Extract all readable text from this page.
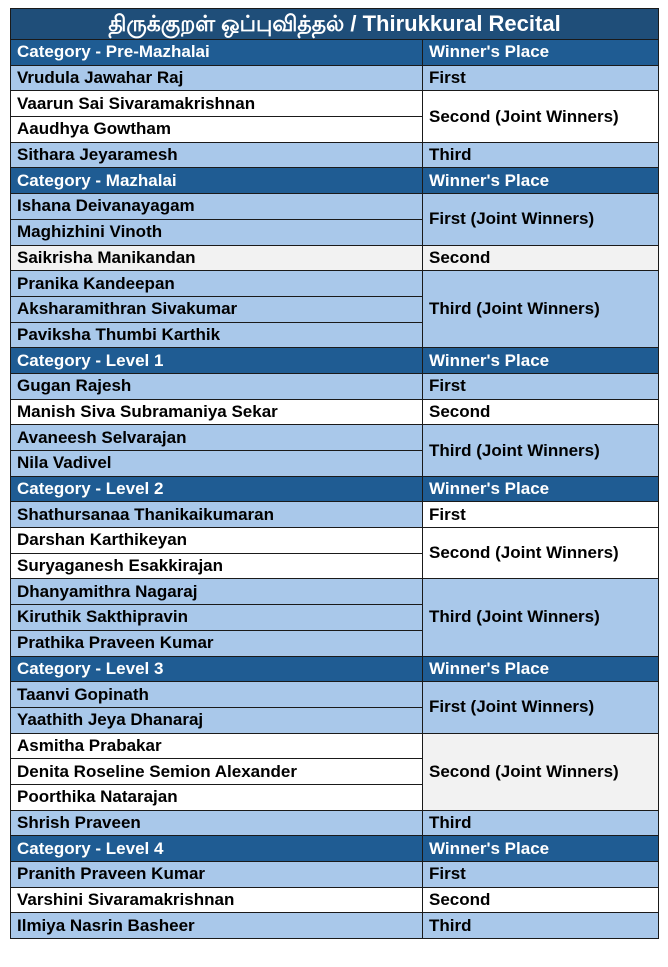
திருக்குறள் ஒப்புவித்தல் / Thirukkural Recital	
Category - Pre-Mazhalai	Winner's Place
Vrudula Jawahar Raj	First
Vaarun Sai Sivaramakrishnan	Second (Joint Winners)
Aaudhya Gowtham	
Sithara Jeyaramesh	Third
Category - Mazhalai	Winner's Place
Ishana Deivanayagam	First (Joint Winners)
Maghizhini Vinoth	
Saikrisha Manikandan	Second
Pranika Kandeepan	Third (Joint Winners)
Aksharamithran Sivakumar	
Paviksha Thumbi Karthik	
Category - Level 1	Winner's Place
Gugan Rajesh	First
Manish Siva Subramaniya Sekar	Second
Avaneesh Selvarajan	Third (Joint Winners)
Nila Vadivel	
Category - Level 2	Winner's Place
Shathursanaa Thanikaikumaran	First
Darshan Karthikeyan	Second (Joint Winners)
Suryaganesh Esakkirajan	
Dhanyamithra Nagaraj	Third (Joint Winners)
Kiruthik Sakthipravin	
Prathika Praveen Kumar	
Category - Level 3	Winner's Place
Taanvi Gopinath	First (Joint Winners)
Yaathith Jeya Dhanaraj	
Asmitha Prabakar	Second (Joint Winners)
Denita Roseline Semion Alexander	
Poorthika Natarajan	
Shrish Praveen	Third
Category - Level 4	Winner's Place
Pranith Praveen Kumar	First
Varshini Sivaramakrishnan	Second
Ilmiya Nasrin Basheer	Third
